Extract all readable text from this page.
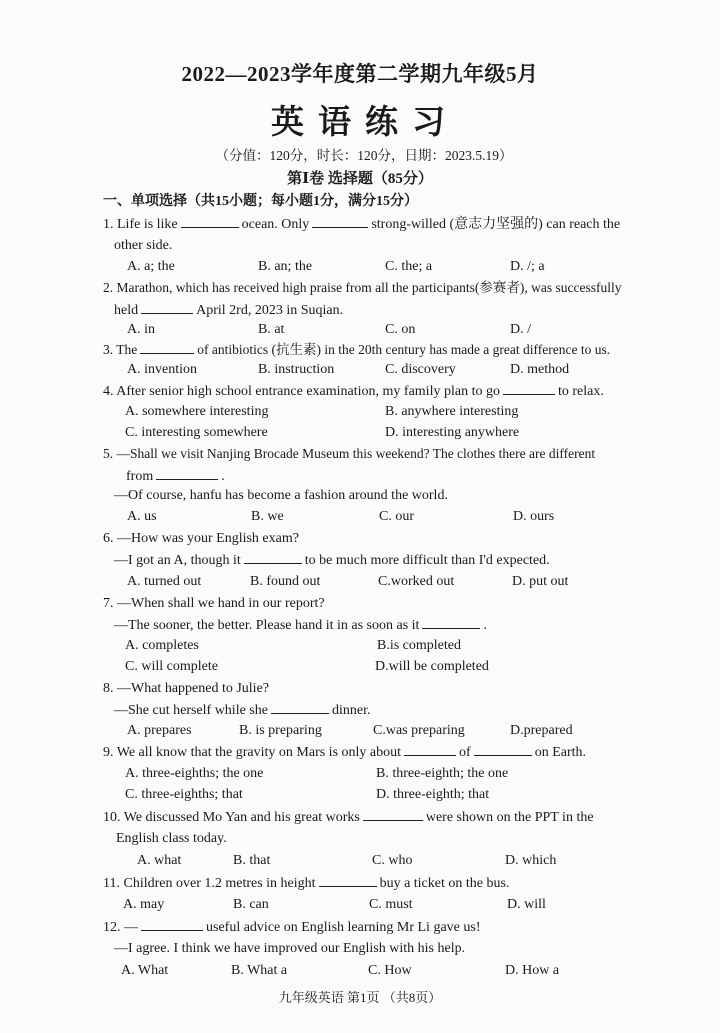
2022—2023学年度第二学期九年级5月
英语练习
（分值：120分，时长：120分，日期：2023.5.19）
第Ⅰ卷 选择题（85分）
一、单项选择（共15小题；每小题1分，满分15分）
1. Life is like	ocean. Only	strong-willed (意志力坚强的) can reach the
other side.
A. a; the	B. an; the	C. the; a	D. /; a
2. Marathon, which has received high praise from all the participants(参赛者), was successfully
held	April 2rd, 2023 in Suqian.
A. in	B. at	C. on	D. /
3. The	of antibiotics (抗生素) in the 20th century has made a great difference to us.
A. invention	B. instruction	C. discovery	D. method
4. After senior high school entrance examination, my family plan to go	to relax.
A. somewhere interesting	B. anywhere interesting
C. interesting somewhere	D. interesting anywhere
5. —Shall we visit Nanjing Brocade Museum this weekend? The clothes there are different
from	.
—Of course, hanfu has become a fashion around the world.
A. us	B. we	C. our	D. ours
6. —How was your English exam?
—I got an A, though it	to be much more difficult than I'd expected.
A. turned out	B. found out	C.worked out	D. put out
7. —When shall we hand in our report?
—The sooner, the better. Please hand it in as soon as it	.
A. completes	B.is completed
C. will complete	D.will be completed
8. —What happened to Julie?
—She cut herself while she	dinner.
A. prepares	B. is preparing	C.was preparing	D.prepared
9. We all know that the gravity on Mars is only about	of	on Earth.
A. three-eighths; the one	B. three-eighth; the one
C. three-eighths; that	D. three-eighth; that
10. We discussed Mo Yan and his great works	were shown on the PPT in the
English class today.
A. what	B. that	C. who	D. which
11. Children over 1.2 metres in height	buy a ticket on the bus.
A. may	B. can	C. must	D. will
12. —	useful advice on English learning Mr Li gave us!
—I agree. I think we have improved our English with his help.
A. What	B. What a	C. How	D. How a
九年级英语 第1页 （共8页）
